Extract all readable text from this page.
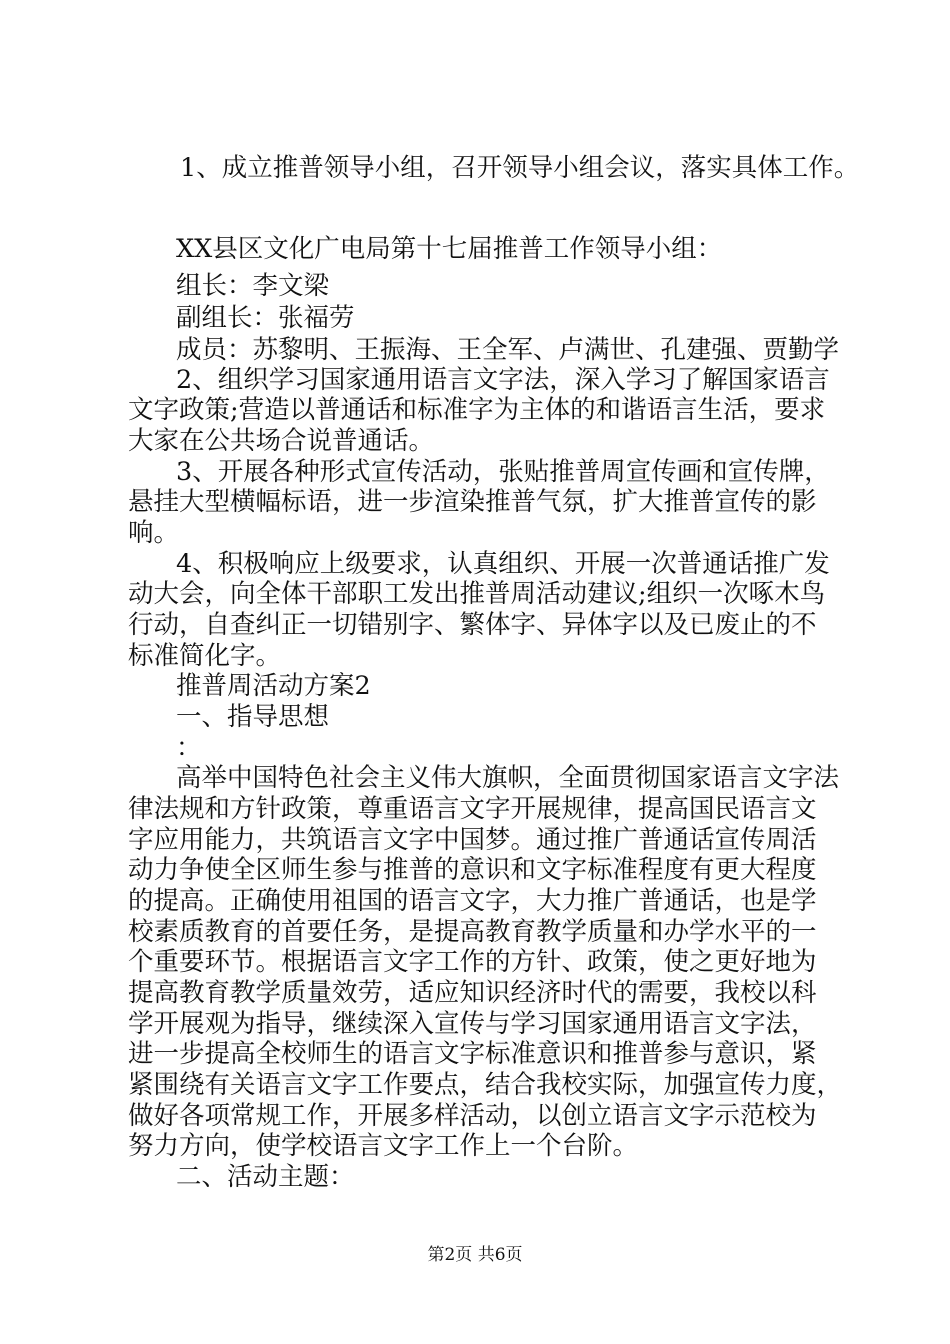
1、成立推普领导小组，召开领导小组会议，落实具体工作。
XX县区文化广电局第十七届推普工作领导小组：
组长：李文梁
副组长：张福劳
成员：苏黎明、王振海、王全军、卢满世、孔建强、贾勤学
2、组织学习国家通用语言文字法，深入学习了解国家语言
文字政策;营造以普通话和标准字为主体的和谐语言生活，要求
大家在公共场合说普通话。
3、开展各种形式宣传活动，张贴推普周宣传画和宣传牌，
悬挂大型横幅标语，进一步渲染推普气氛，扩大推普宣传的影
响。
4、积极响应上级要求，认真组织、开展一次普通话推广发
动大会，向全体干部职工发出推普周活动建议;组织一次啄木鸟
行动，自查纠正一切错别字、繁体字、异体字以及已废止的不
标准简化字。
推普周活动方案2
一、指导思想
：
高举中国特色社会主义伟大旗帜，全面贯彻国家语言文字法
律法规和方针政策，尊重语言文字开展规律，提高国民语言文
字应用能力，共筑语言文字中国梦。通过推广普通话宣传周活
动力争使全区师生参与推普的意识和文字标准程度有更大程度
的提高。正确使用祖国的语言文字，大力推广普通话，也是学
校素质教育的首要任务，是提高教育教学质量和办学水平的一
个重要环节。根据语言文字工作的方针、政策，使之更好地为
提高教育教学质量效劳，适应知识经济时代的需要，我校以科
学开展观为指导，继续深入宣传与学习国家通用语言文字法，
进一步提高全校师生的语言文字标准意识和推普参与意识，紧
紧围绕有关语言文字工作要点，结合我校实际，加强宣传力度，
做好各项常规工作，开展多样活动，以创立语言文字示范校为
努力方向，使学校语言文字工作上一个台阶。
二、活动主题：
第2页 共6页
